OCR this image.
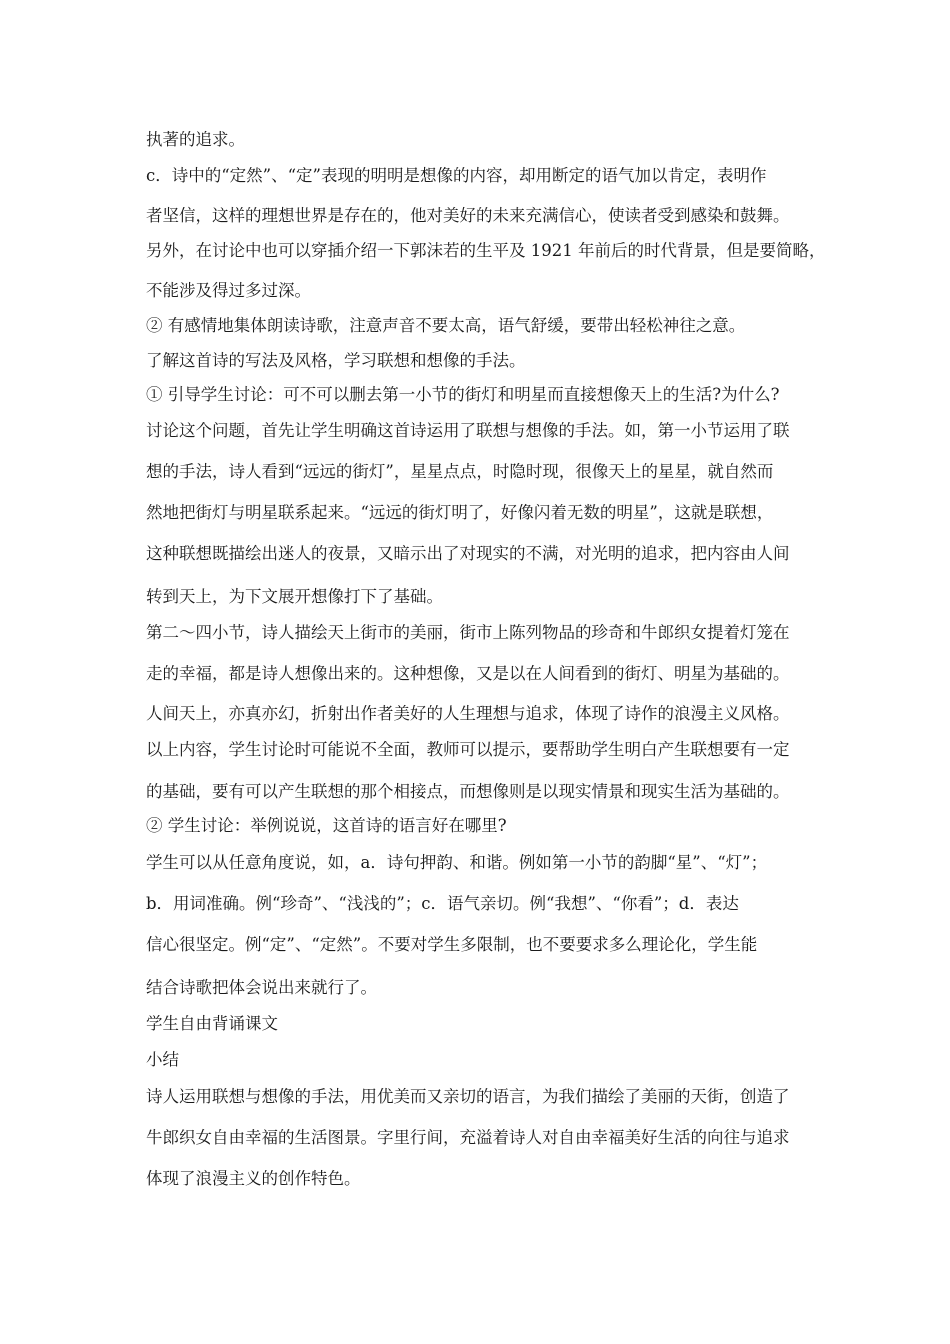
执著的追求。
c．诗中的“定然”、“定”表现的明明是想像的内容，却用断定的语气加以肯定，表明作
者坚信，这样的理想世界是存在的，他对美好的未来充满信心，使读者受到感染和鼓舞。
另外，在讨论中也可以穿插介绍一下郭沫若的生平及 1921 年前后的时代背景，但是要简略，
不能涉及得过多过深。
② 有感情地集体朗读诗歌，注意声音不要太高，语气舒缓，要带出轻松神往之意。
了解这首诗的写法及风格，学习联想和想像的手法。
① 引导学生讨论：可不可以删去第一小节的街灯和明星而直接想像天上的生活?为什么?
讨论这个问题，首先让学生明确这首诗运用了联想与想像的手法。如，第一小节运用了联
想的手法，诗人看到“远远的街灯”，星星点点，时隐时现，很像天上的星星，就自然而
然地把街灯与明星联系起来。“远远的街灯明了，好像闪着无数的明星”，这就是联想，
这种联想既描绘出迷人的夜景，又暗示出了对现实的不满，对光明的追求，把内容由人间
转到天上，为下文展开想像打下了基础。
第二～四小节，诗人描绘天上街市的美丽，街市上陈列物品的珍奇和牛郎织女提着灯笼在
走的幸福，都是诗人想像出来的。这种想像，又是以在人间看到的街灯、明星为基础的。
人间天上，亦真亦幻，折射出作者美好的人生理想与追求，体现了诗作的浪漫主义风格。
以上内容，学生讨论时可能说不全面，教师可以提示，要帮助学生明白产生联想要有一定
的基础，要有可以产生联想的那个相接点，而想像则是以现实情景和现实生活为基础的。
② 学生讨论：举例说说，这首诗的语言好在哪里?
学生可以从任意角度说，如，a．诗句押韵、和谐。例如第一小节的韵脚“星”、“灯”；
b．用词准确。例“珍奇”、“浅浅的”；c．语气亲切。例“我想”、“你看”；d．表达
信心很坚定。例“定”、“定然”。不要对学生多限制，也不要要求多么理论化，学生能
结合诗歌把体会说出来就行了。
学生自由背诵课文
小结
诗人运用联想与想像的手法，用优美而又亲切的语言，为我们描绘了美丽的天街，创造了
牛郎织女自由幸福的生活图景。字里行间，充溢着诗人对自由幸福美好生活的向往与追求
体现了浪漫主义的创作特色。
